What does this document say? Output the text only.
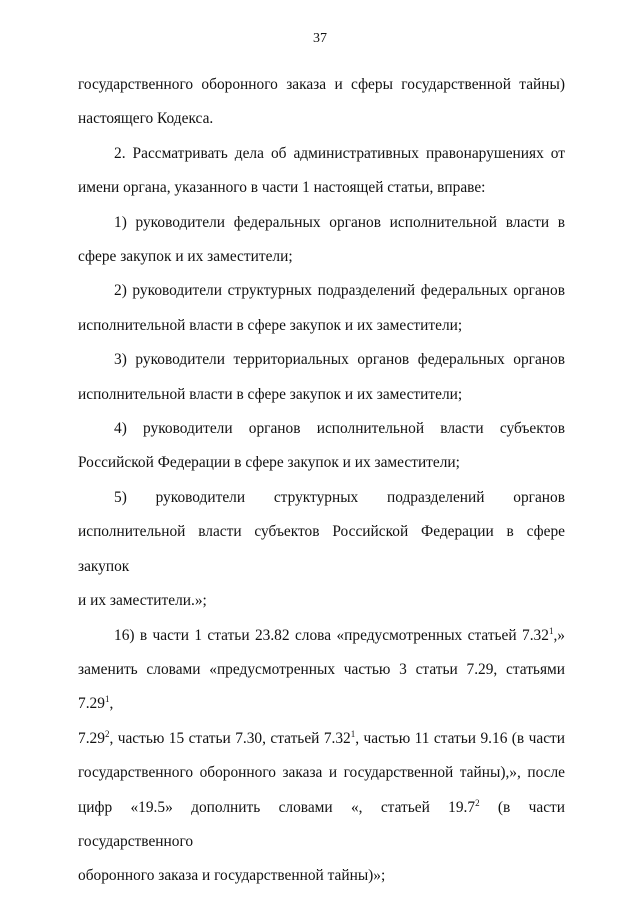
37

государственного оборонного заказа и сферы государственной тайны)

настоящего Кодекса.

2. Рассматривать дела об административных правонарушениях от

имени органа, указанного в части 1 настоящей статьи, вправе:

1) руководители федеральных органов исполнительной власти в

сфере закупок и их заместители;

2) руководители структурных подразделений федеральных органов

исполнительной власти в сфере закупок и их заместители;

3) руководители территориальных органов федеральных органов

исполнительной власти в сфере закупок и их заместители;

4) руководители органов исполнительной власти субъектов

Российской Федерации в сфере закупок и их заместители;

5) руководители структурных подразделений органов

исполнительной власти субъектов Российской Федерации в сфере закупок

и их заместители.»;

16) в части 1 статьи 23.82 слова «предусмотренных статьей 7.32$^1$,»

заменить словами «предусмотренных частью 3 статьи 7.29, статьями 7.29$^1$,

7.29$^2$, частью 15 статьи 7.30, статьей 7.32$^1$, частью 11 статьи 9.16 (в части

государственного оборонного заказа и государственной тайны),», после

цифр «19.5» дополнить словами «, статьей 19.7$^2$ (в части государственного

оборонного заказа и государственной тайны)»;
